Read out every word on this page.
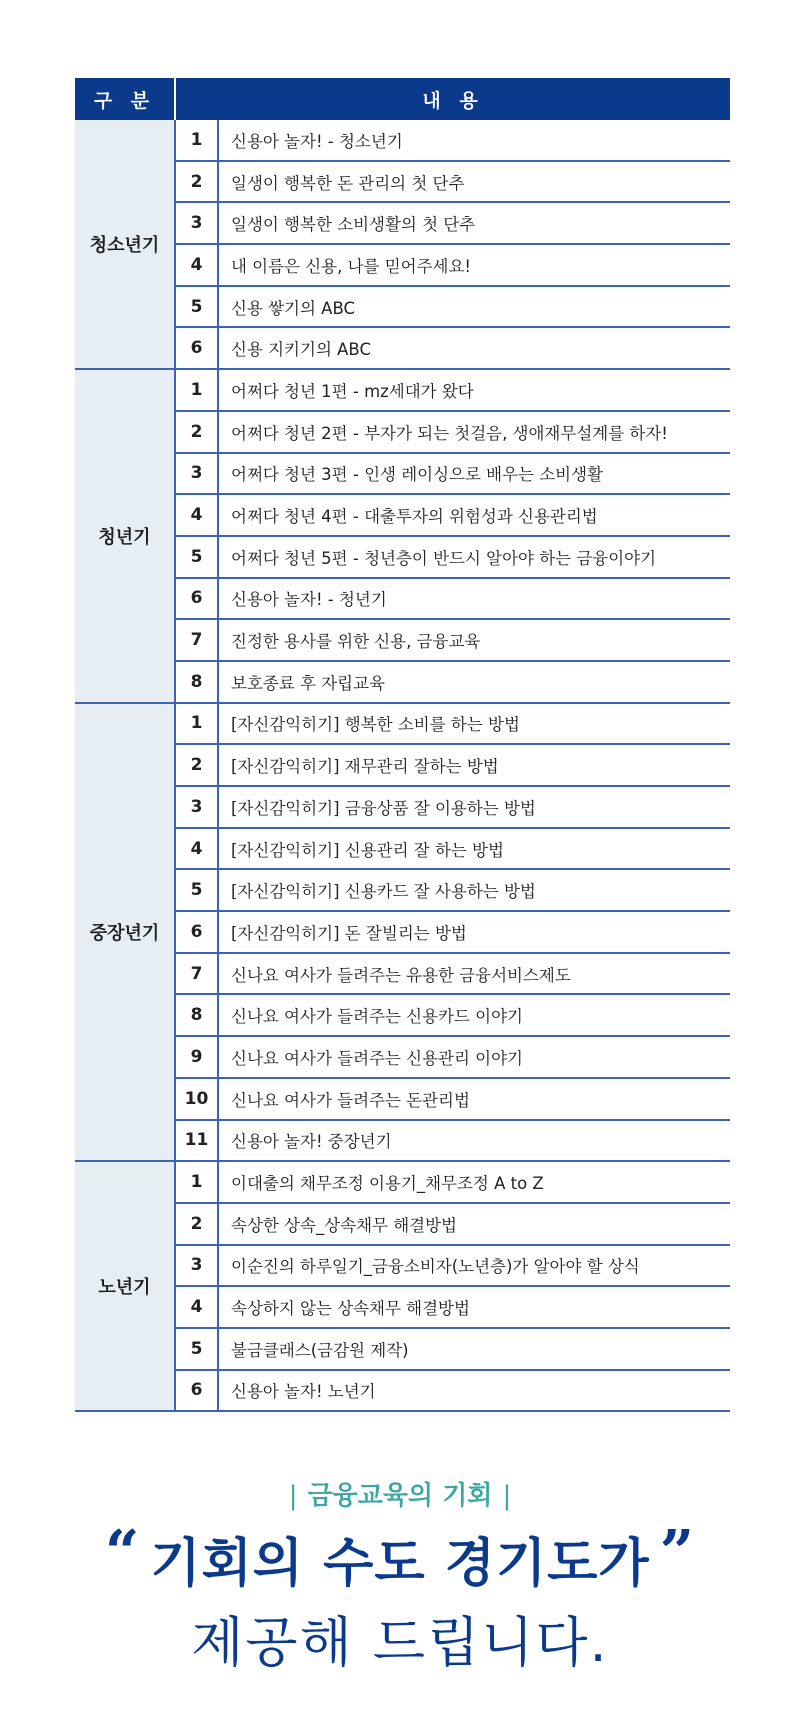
구 분	내 용	
청소년기	1	신용아 놀자! - 청소년기
	2	일생이 행복한 돈 관리의 첫 단추
	3	일생이 행복한 소비생활의 첫 단추
	4	내 이름은 신용, 나를 믿어주세요!
	5	신용 쌓기의 ABC
	6	신용 지키기의 ABC
청년기	1	어쩌다 청년 1편 - mz세대가 왔다
	2	어쩌다 청년 2편 - 부자가 되는 첫걸음, 생애재무설계를 하자!
	3	어쩌다 청년 3편 - 인생 레이싱으로 배우는 소비생활
	4	어쩌다 청년 4편 - 대출투자의 위험성과 신용관리법
	5	어쩌다 청년 5편 - 청년층이 반드시 알아야 하는 금융이야기
	6	신용아 놀자! - 청년기
	7	진정한 용사를 위한 신용, 금융교육
	8	보호종료 후 자립교육
중장년기	1	[자신감익히기] 행복한 소비를 하는 방법
	2	[자신감익히기] 재무관리 잘하는 방법
	3	[자신감익히기] 금융상품 잘 이용하는 방법
	4	[자신감익히기] 신용관리 잘 하는 방법
	5	[자신감익히기] 신용카드 잘 사용하는 방법
	6	[자신감익히기] 돈 잘빌리는 방법
	7	신나요 여사가 들려주는 유용한 금융서비스제도
	8	신나요 여사가 들려주는 신용카드 이야기
	9	신나요 여사가 들려주는 신용관리 이야기
	10	신나요 여사가 들려주는 돈관리법
	11	신용아 놀자! 중장년기
노년기	1	이대출의 채무조정 이용기_채무조정 A to Z
	2	속상한 상속_상속채무 해결방법
	3	이순진의 하루일기_금융소비자(노년층)가 알아야 할 상식
	4	속상하지 않는 상속채무 해결방법
	5	불금클래스(금감원 제작)
	6	신용아 놀자! 노년기
| 금융교육의 기회 |
“ 기회의 수도 경기도가 ”
제공해 드립니다.
